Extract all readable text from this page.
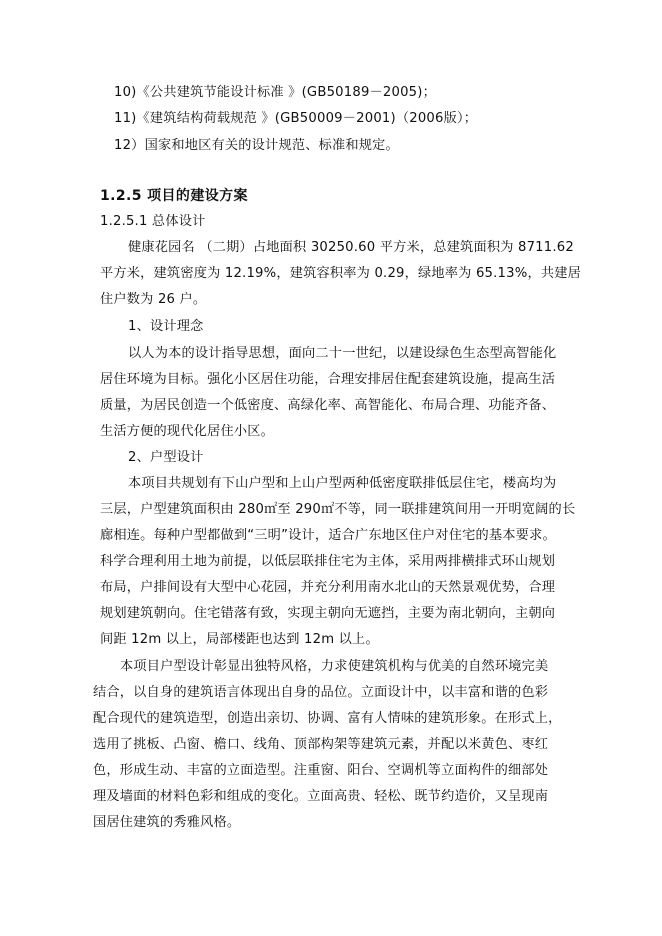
10)《公共建筑节能设计标准 》(GB50189－2005)；
11)《建筑结构荷载规范 》(GB50009－2001)（2006版）；
12）国家和地区有关的设计规范、标准和规定。
1.2.5 项目的建设方案
1.2.5.1 总体设计
健康花园名 （二期）占地面积 30250.60 平方米，总建筑面积为 8711.62
平方米，建筑密度为 12.19%，建筑容积率为 0.29，绿地率为 65.13%，共建居
住户数为 26 户。
1、设计理念
以人为本的设计指导思想，面向二十一世纪，以建设绿色生态型高智能化
居住环境为目标。强化小区居住功能，合理安排居住配套建筑设施，提高生活
质量，为居民创造一个低密度、高绿化率、高智能化、布局合理、功能齐备、
生活方便的现代化居住小区。
2、户型设计
本项目共规划有下山户型和上山户型两种低密度联排低层住宅，楼高均为
三层，户型建筑面积由 280㎡至 290㎡不等，同一联排建筑间用一开明宽阔的长
廊相连。每种户型都做到“三明”设计，适合广东地区住户对住宅的基本要求。
科学合理利用土地为前提，以低层联排住宅为主体，采用两排横排式环山规划
布局，户排间设有大型中心花园，并充分利用南水北山的天然景观优势，合理
规划建筑朝向。住宅错落有致，实现主朝向无遮挡，主要为南北朝向，主朝向
间距 12m 以上，局部楼距也达到 12m 以上。
本项目户型设计彰显出独特风格，力求使建筑机构与优美的自然环境完美
结合，以自身的建筑语言体现出自身的品位。立面设计中，以丰富和谐的色彩
配合现代的建筑造型，创造出亲切、协调、富有人情味的建筑形象。在形式上，
选用了挑板、凸窗、檐口、线角、顶部构架等建筑元素，并配以米黄色、枣红
色，形成生动、丰富的立面造型。注重窗、阳台、空调机等立面构件的细部处
理及墙面的材料色彩和组成的变化。立面高贵、轻松、既节约造价，又呈现南
国居住建筑的秀雅风格。
